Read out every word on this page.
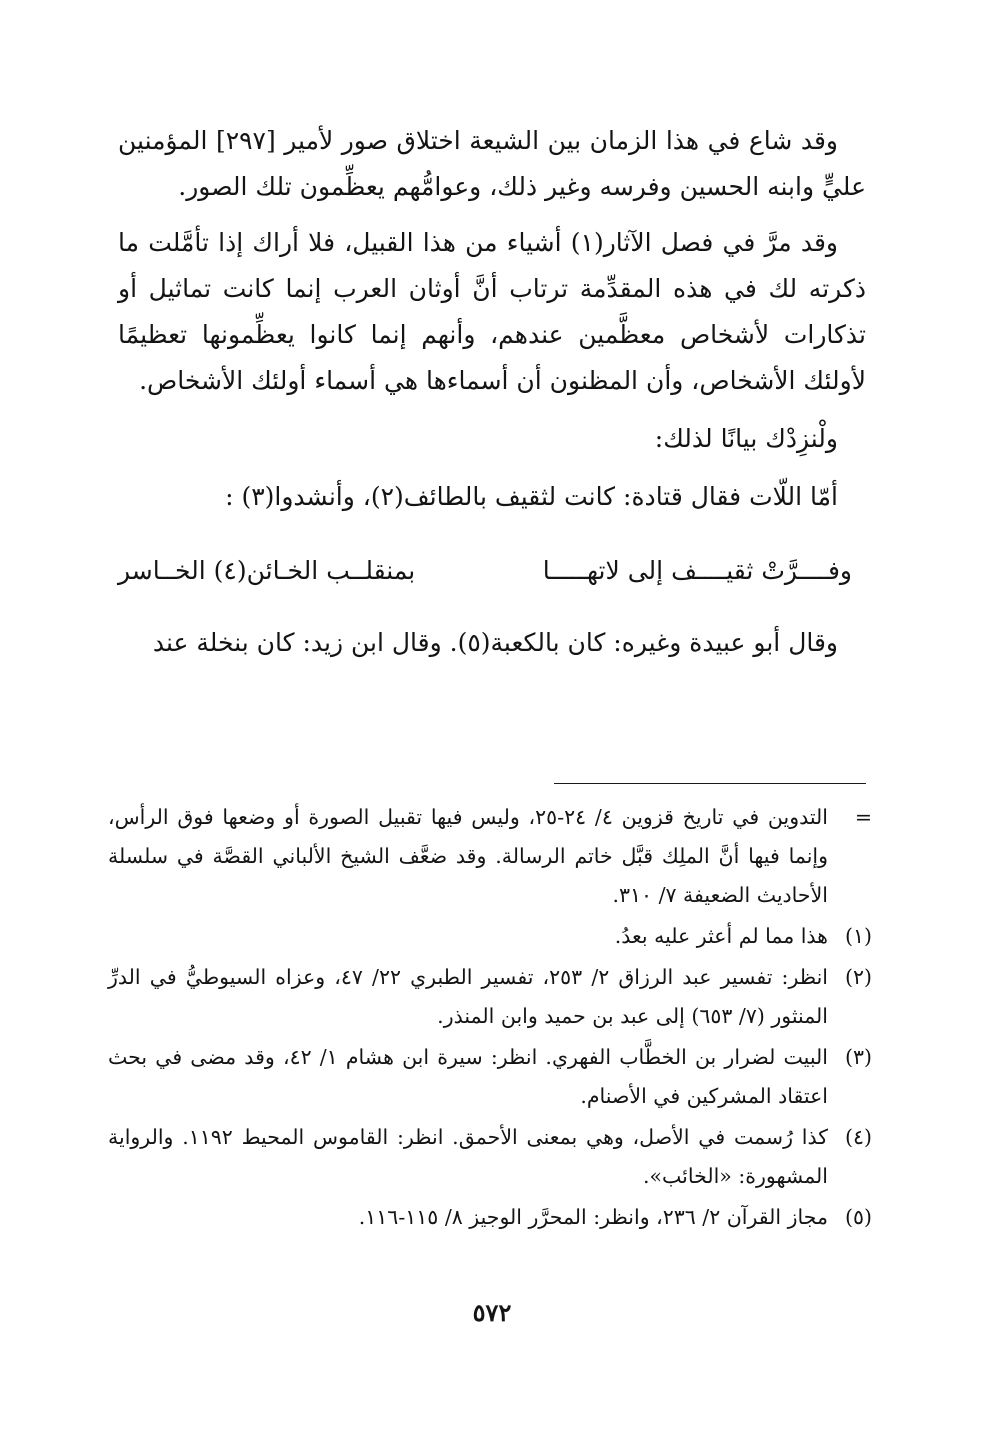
وقد شاع في هذا الزمان بين الشيعة اختلاق صور لأمير [٢٩٧] المؤمنين عليٍّ وابنه الحسين وفرسه وغير ذلك، وعوامُّهم يعظِّمون تلك الصور.

وقد مرَّ في فصل الآثار(١) أشياء من هذا القبيل، فلا أراك إذا تأمَّلت ما ذكرته لك في هذه المقدِّمة ترتاب أنَّ أوثان العرب إنما كانت تماثيل أو تذكارات لأشخاص معظَّمين عندهم، وأنهم إنما كانوا يعظِّمونها تعظيمًا لأولئك الأشخاص، وأن المظنون أن أسماءها هي أسماء أولئك الأشخاص.

ولْنزِدْك بيانًا لذلك:

أمّا اللّات فقال قتادة: كانت لثقيف بالطائف(٢)، وأنشدوا(٣) :

وفــــرَّتْ ثقيــــف إلى لاتهـــــا
بمنقلــب الخـائن(٤) الخــاسر

وقال أبو عبيدة وغيره: كان بالكعبة(٥). وقال ابن زيد: كان بنخلة عند

=
التدوين في تاريخ قزوين ٤/ ٢٤-٢٥، وليس فيها تقبيل الصورة أو وضعها فوق الرأس، وإنما فيها أنَّ الملِك قبَّل خاتم الرسالة. وقد ضعَّف الشيخ الألباني القصَّة في سلسلة الأحاديث الضعيفة ٧/ ٣١٠.
(١)
هذا مما لم أعثر عليه بعدُ.
(٢)
انظر: تفسير عبد الرزاق ٢/ ٢٥٣، تفسير الطبري ٢٢/ ٤٧، وعزاه السيوطيُّ في الدرِّ المنثور (٧/ ٦٥٣) إلى عبد بن حميد وابن المنذر.
(٣)
البيت لضرار بن الخطَّاب الفهري. انظر: سيرة ابن هشام ١/ ٤٢، وقد مضى في بحث اعتقاد المشركين في الأصنام.
(٤)
كذا رُسمت في الأصل، وهي بمعنى الأحمق. انظر: القاموس المحيط ١١٩٢. والرواية المشهورة: «الخائب».
(٥)
مجاز القرآن ٢/ ٢٣٦، وانظر: المحرَّر الوجيز ٨/ ١١٥-١١٦.
٥٧٢
